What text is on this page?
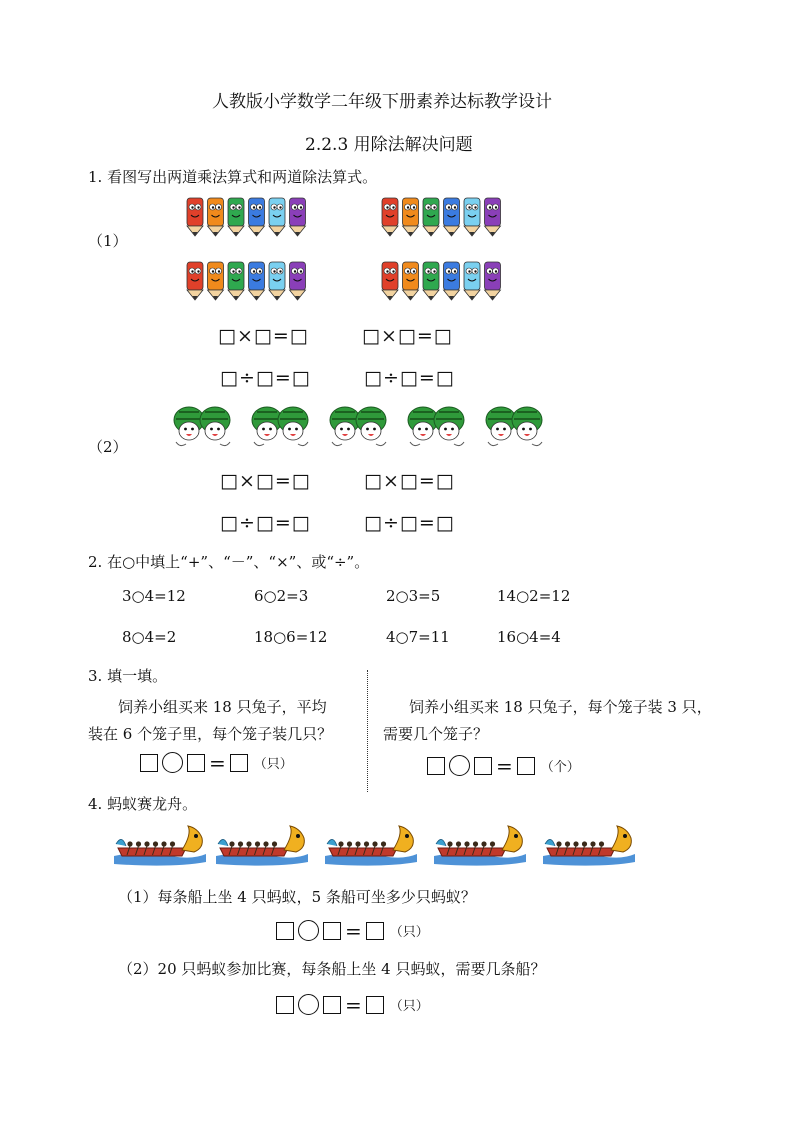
人教版小学数学二年级下册素养达标教学设计
2.2.3 用除法解决问题
1. 看图写出两道乘法算式和两道除法算式。
（1）
□×□=□	□×□=□
□÷□=□	□÷□=□
（2）
□×□=□	□×□=□
□÷□=□	□÷□=□
2. 在○中填上“+”、“－”、“×”、或“÷”。
3○4=12	6○2=3	2○3=5	14○2=12
8○4=2	18○6=12	4○7=11	16○4=4
3. 填一填。
饲养小组买来 18 只兔子，平均
装在 6 个笼子里，每个笼子装几只？
= （只）
饲养小组买来 18 只兔子，每个笼子装 3 只，
需要几个笼子？
= （个）
4. 蚂蚁赛龙舟。
（1）每条船上坐 4 只蚂蚁，5 条船可坐多少只蚂蚁？
= （只）
（2）20 只蚂蚁参加比赛，每条船上坐 4 只蚂蚁，需要几条船？
= （只）
